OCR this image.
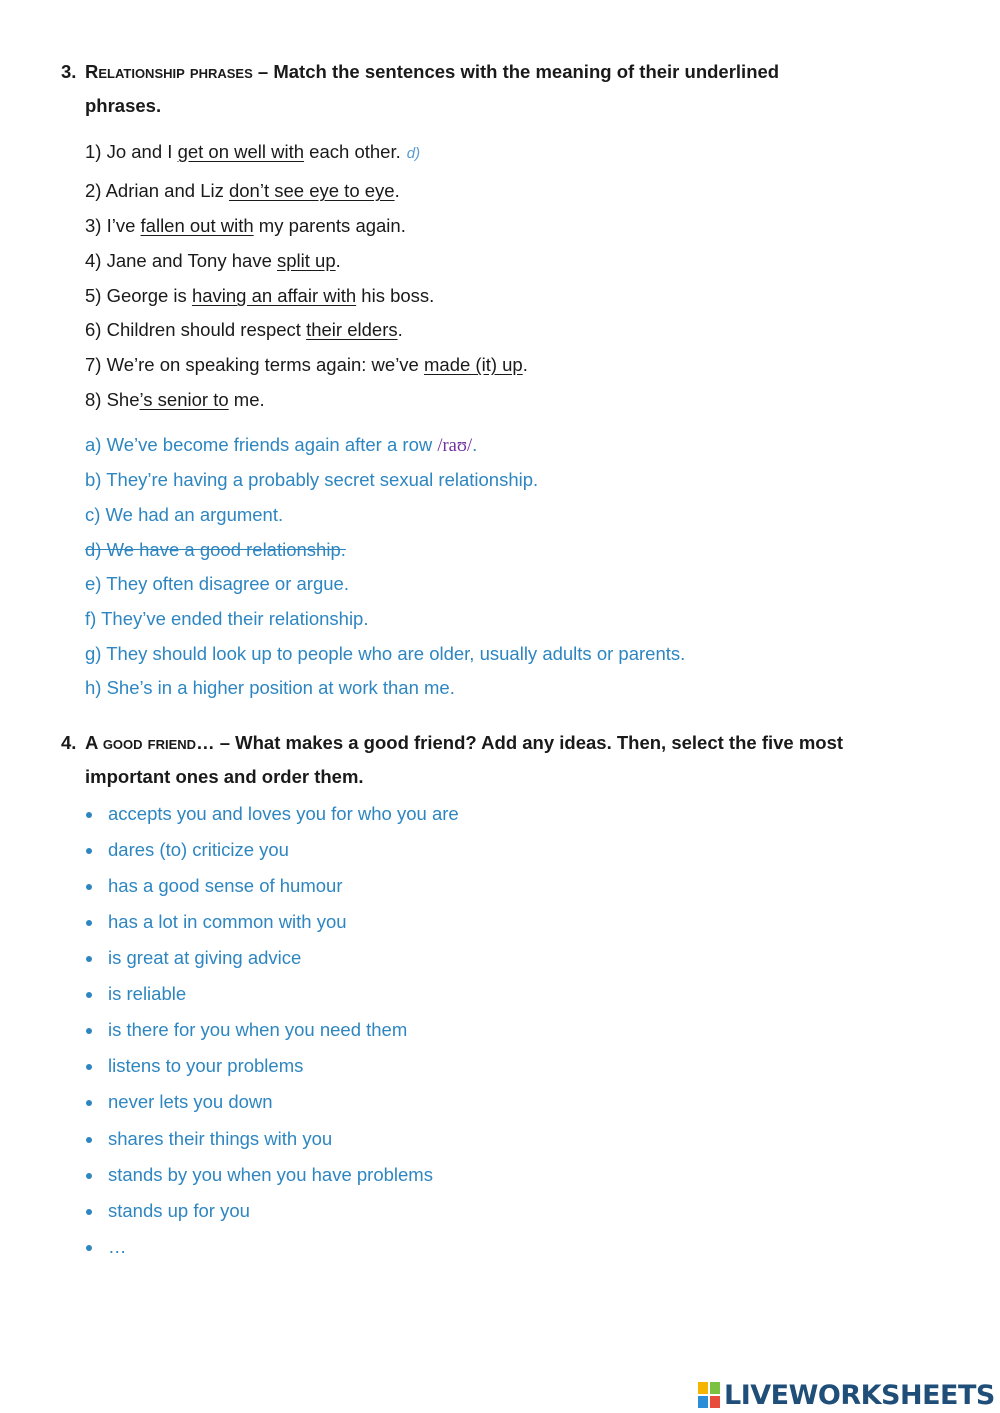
3. Relationship phrases – Match the sentences with the meaning of their underlined
phrases.
1) Jo and I get on well with each other. d)
2) Adrian and Liz don’t see eye to eye.
3) I’ve fallen out with my parents again.
4) Jane and Tony have split up.
5) George is having an affair with his boss.
6) Children should respect their elders.
7) We’re on speaking terms again: we’ve made (it) up.
8) She’s senior to me.
a) We’ve become friends again after a row /raʊ/.
b) They’re having a probably secret sexual relationship.
c) We had an argument.
d) We have a good relationship.
e) They often disagree or argue.
f) They’ve ended their relationship.
g) They should look up to people who are older, usually adults or parents.
h) She’s in a higher position at work than me.
4. A good friend… – What makes a good friend? Add any ideas. Then, select the five most
important ones and order them.
accepts you and loves you for who you are
dares (to) criticize you
has a good sense of humour
has a lot in common with you
is great at giving advice
is reliable
is there for you when you need them
listens to your problems
never lets you down
shares their things with you
stands by you when you have problems
stands up for you
…
LIVEWORKSHEETS
